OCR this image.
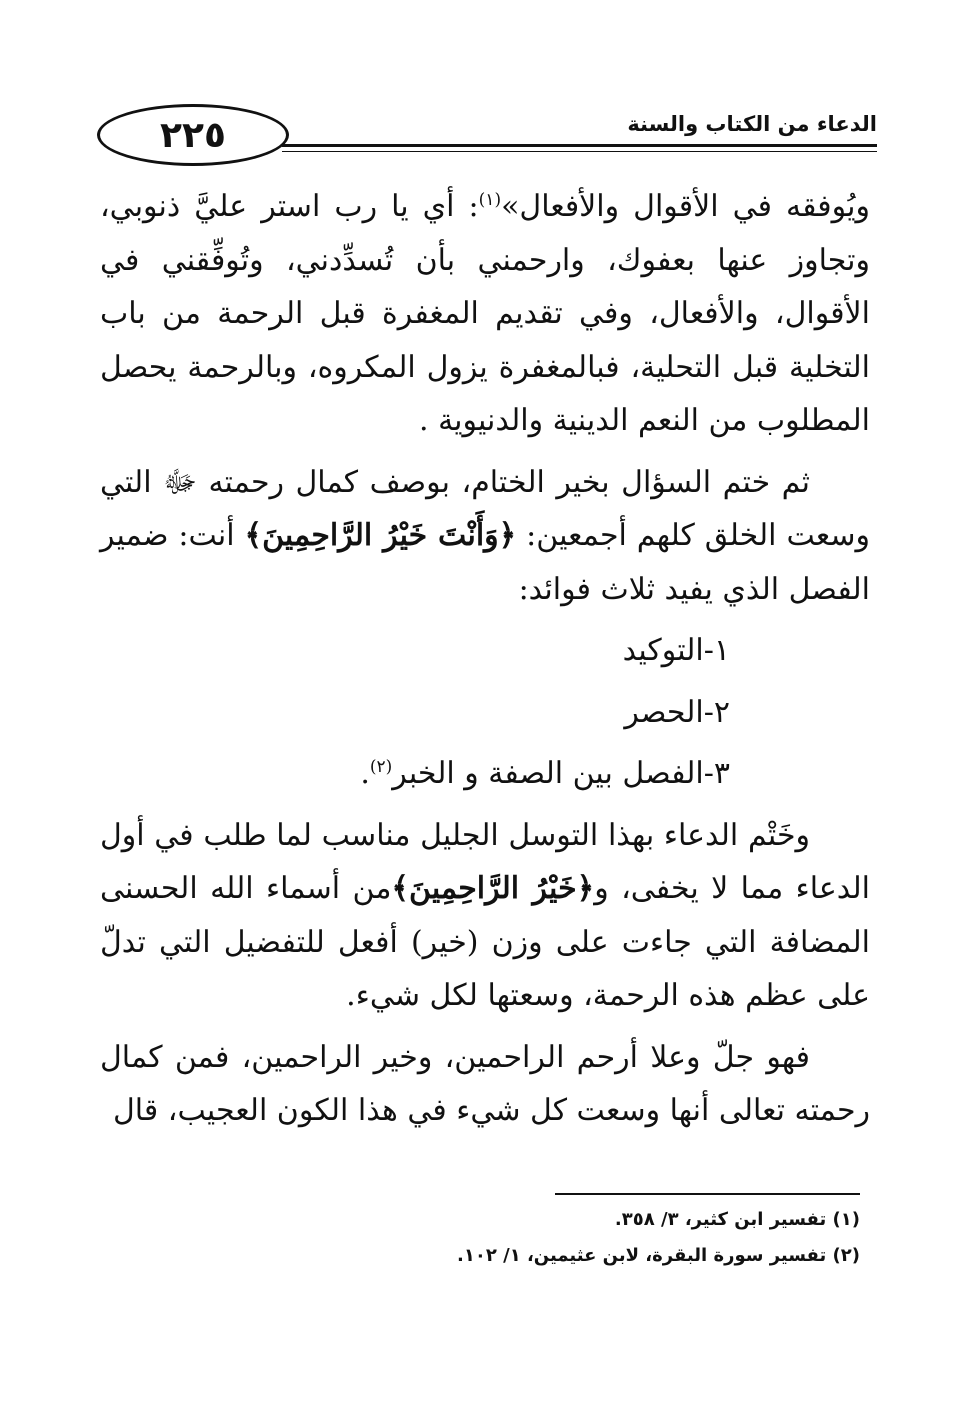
٢٢٥	الدعاء من الكتاب والسنة

ويُوفقه في الأقوال والأفعال»$^{(١)}$: أي يا رب استر عليَّ ذنوبي، وتجاوز عنها بعفوك، وارحمني بأن تُسدِّدني، وتُوفِّقني في الأقوال، والأفعال، وفي تقديم المغفرة قبل الرحمة من باب التخلية قبل التحلية، فبالمغفرة يزول المكروه، وبالرحمة يحصل المطلوب من النعم الدينية والدنيوية .

ثم ختم السؤال بخير الختام، بوصف كمال رحمته ﷻ التي وسعت الخلق كلهم أجمعين: ﴿وَأَنْتَ خَيْرُ الرَّاحِمِينَ﴾ أنت: ضمير الفصل الذي يفيد ثلاث فوائد:

١-التوكيد
٢-الحصر
٣-الفصل بين الصفة و الخبر$^{(٢)}$.

وخَتْم الدعاء بهذا التوسل الجليل مناسب لما طلب في أول الدعاء مما لا يخفى، و﴿خَيْرُ الرَّاحِمِينَ﴾من أسماء الله الحسنى المضافة التي جاءت على وزن (خير) أفعل للتفضيل التي تدلّ على عظم هذه الرحمة، وسعتها لكل شيء.

فهو جلّ وعلا أرحم الراحمين، وخير الراحمين، فمن كمال رحمته تعالى أنها وسعت كل شيء في هذا الكون العجيب، قال

(١) تفسير ابن كثير، ٣/ ٣٥٨.

(٢) تفسير سورة البقرة، لابن عثيمين، ١/ ١٠٢.
